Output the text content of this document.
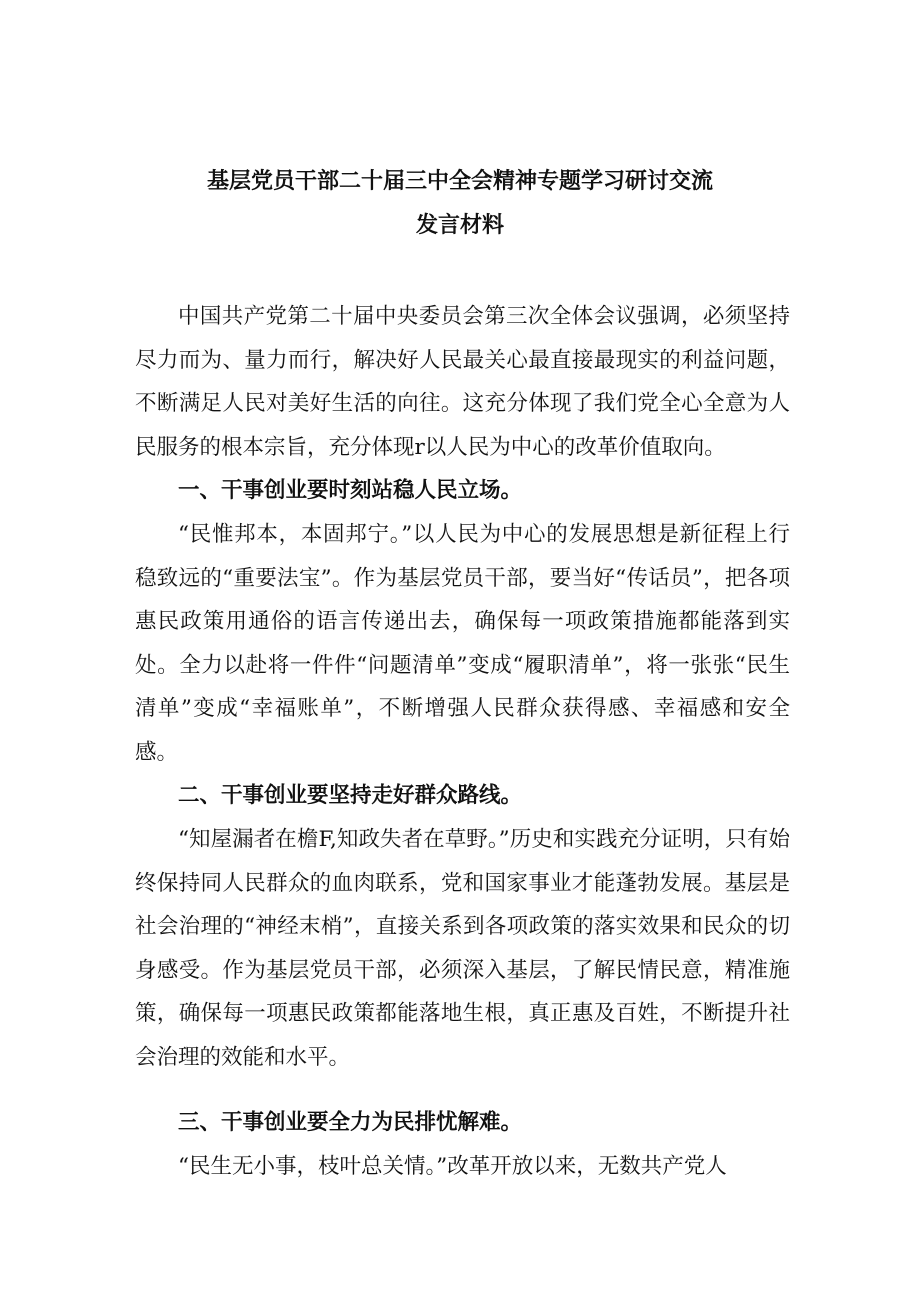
基层党员干部二十届三中全会精神专题学习研讨交流
发言材料

中国共产党第二十届中央委员会第三次全体会议强调，必须坚持尽力而为、量力而行，解决好人民最关心最直接最现实的利益问题，不断满足人民对美好生活的向往。这充分体现了我们党全心全意为人民服务的根本宗旨，充分体现r以人民为中心的改革价值取向。

一、干事创业要时刻站稳人民立场。

“民惟邦本，本固邦宁。”以人民为中心的发展思想是新征程上行稳致远的“重要法宝”。作为基层党员干部，要当好“传话员”，把各项惠民政策用通俗的语言传递出去，确保每一项政策措施都能落到实处。全力以赴将一件件“问题清单”变成“履职清单”，将一张张“民生清单”变成“幸福账单”，不断增强人民群众获得感、幸福感和安全感。

二、干事创业要坚持走好群众路线。

“知屋漏者在檐F,知政失者在草野。”历史和实践充分证明，只有始终保持同人民群众的血肉联系，党和国家事业才能蓬勃发展。基层是社会治理的“神经末梢”，直接关系到各项政策的落实效果和民众的切身感受。作为基层党员干部，必须深入基层，了解民情民意，精准施策，确保每一项惠民政策都能落地生根，真正惠及百姓，不断提升社会治理的效能和水平。

三、干事创业要全力为民排忧解难。

“民生无小事，枝叶总关情。”改革开放以来，无数共产党人
